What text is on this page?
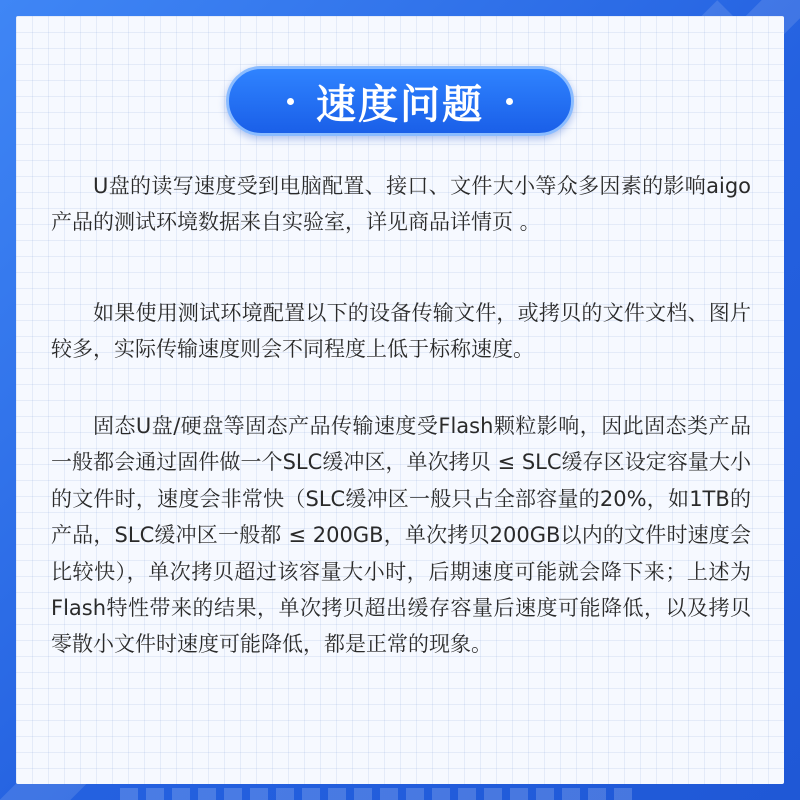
速度问题

U盘的读写速度受到电脑配置、接口、文件大小等众多因素的影响aigo产品的测试环境数据来自实验室，详见商品详情页 。

如果使用测试环境配置以下的设备传输文件，或拷贝的文件文档、图片较多，实际传输速度则会不同程度上低于标称速度。

固态U盘/硬盘等固态产品传输速度受Flash颗粒影响，因此固态类产品一般都会通过固件做一个SLC缓冲区，单次拷贝 ≤ SLC缓存区设定容量大小的文件时，速度会非常快（SLC缓冲区一般只占全部容量的20%，如1TB的产品，SLC缓冲区一般都 ≤ 200GB，单次拷贝200GB以内的文件时速度会比较快），单次拷贝超过该容量大小时，后期速度可能就会降下来；上述为Flash特性带来的结果，单次拷贝超出缓存容量后速度可能降低，以及拷贝零散小文件时速度可能降低，都是正常的现象。
